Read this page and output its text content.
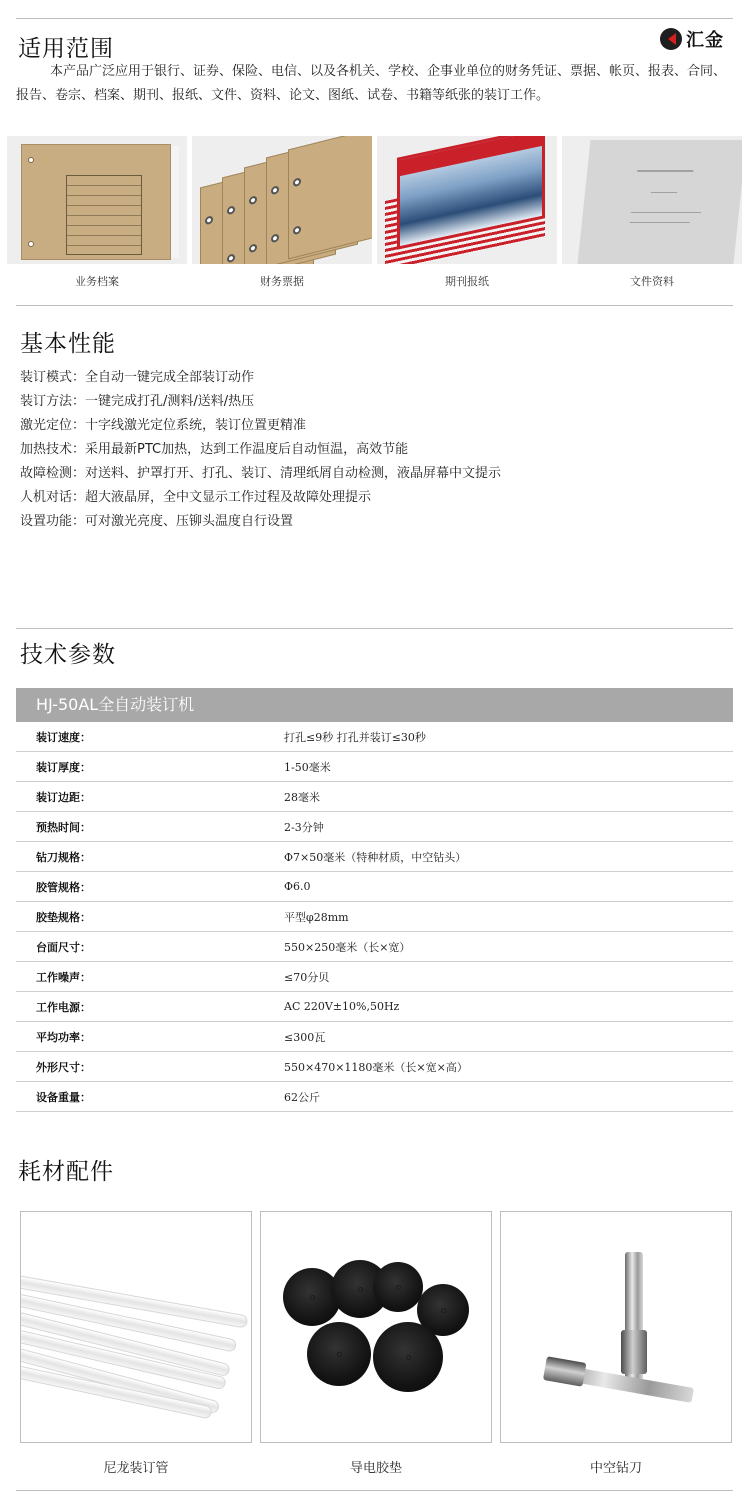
适用范围	汇金

本产品广泛应用于银行、证券、保险、电信、以及各机关、学校、企事业单位的财务凭证、票据、帐页、报表、合同、报告、卷宗、档案、期刊、报纸、文件、资料、论文、图纸、试卷、书籍等纸张的装订工作。

业务档案	财务票据	期刊报纸	文件资料
基本性能
装订模式：全自动一键完成全部装订动作
装订方法：一键完成打孔/测料/送料/热压
激光定位：十字线激光定位系统，装订位置更精准
加热技术：采用最新PTC加热，达到工作温度后自动恒温，高效节能
故障检测：对送料、护罩打开、打孔、装订、清理纸屑自动检测，液晶屏幕中文提示
人机对话：超大液晶屏，全中文显示工作过程及故障处理提示
设置功能：可对激光亮度、压铆头温度自行设置
技术参数
HJ-50AL全自动装订机
装订速度：	打孔≤9秒 打孔并装订≤30秒
装订厚度：	1-50毫米
装订边距：	28毫米
预热时间：	2-3分钟
钻刀规格：	Φ7×50毫米（特种材质，中空钻头）
胶管规格：	Φ6.0
胶垫规格：	平型φ28mm
台面尺寸：	550×250毫米（长×宽）
工作噪声：	≤70分贝
工作电源：	AC 220V±10%,50Hz
平均功率：	≤300瓦
外形尺寸：	550×470×1180毫米（长×宽×高）
设备重量：	62公斤
耗材配件
尼龙装订管	导电胶垫	中空钻刀
